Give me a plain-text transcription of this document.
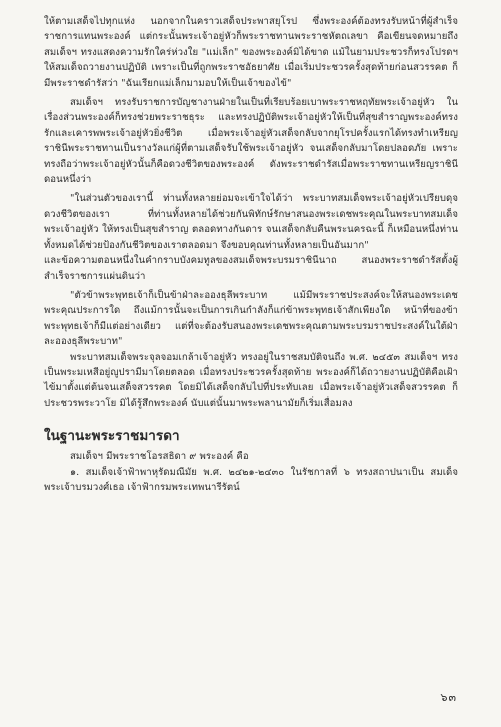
ให้ตามเสด็จไปทุกแห่ง นอกจากในคราวเสด็จประพาสยุโรป ซึ่งพระองค์ต้องทรงรับหน้าที่ผู้สำเร็จราชการแทนพระองค์ แต่กระนั้นพระเจ้าอยู่หัวก็พระราชทานพระราชหัตถเลขา คือเขียนจดหมายถึงสมเด็จฯ ทรงแสดงความรักใคร่ห่วงใย "แม่เล็ก" ของพระองค์มิได้ขาด แม้ในยามประชวรก็ทรงโปรดฯ ให้สมเด็จถวายงานปฏิบัติ เพราะเป็นที่ถูกพระราชอัธยาศัย เมื่อเริ่มประชวรครั้งสุดท้ายก่อนสวรรคต ก็มีพระราชดำรัสว่า "ฉันเรียกแม่เล็กมามอบให้เป็นเจ้าของไข้"

สมเด็จฯ ทรงรับราชการบัญชางานฝ่ายในเป็นที่เรียบร้อยเบาพระราชหฤทัยพระเจ้าอยู่หัว ในเรื่องส่วนพระองค์ก็ทรงช่วยพระราชธุระ และทรงปฏิบัติพระเจ้าอยู่หัวให้เป็นที่สุขสำราญพระองค์ทรงรักและเคารพพระเจ้าอยู่หัวยิ่งชีวิต เมื่อพระเจ้าอยู่หัวเสด็จกลับจากยุโรปครั้งแรกได้ทรงทำเหรียญราชินีพระราชทานเป็นรางวัลแก่ผู้ที่ตามเสด็จรับใช้พระเจ้าอยู่หัว จนเสด็จกลับมาโดยปลอดภัย เพราะทรงถือว่าพระเจ้าอยู่หัวนั้นก็คือดวงชีวิตของพระองค์ ดังพระราชดำรัสเมื่อพระราชทานเหรียญราชินีดอนหนึ่งว่า

"ในส่วนตัวของเรานี้ ท่านทั้งหลายย่อมจะเข้าใจได้ว่า พระบาทสมเด็จพระเจ้าอยู่หัวเปรียบดุจดวงชีวิตของเรา ที่ท่านทั้งหลายได้ช่วยกันพิทักษ์รักษาสนองพระเดชพระคุณในพระบาทสมเด็จพระเจ้าอยู่หัว ให้ทรงเป็นสุขสำราญ ตลอดทางกันดาร จนเสด็จกลับคืนพระนครฉะนี้ ก็เหมือนหนึ่งท่านทั้งหมดได้ช่วยป้องกันชีวิตของเราตลอดมา จึงขอบคุณท่านทั้งหลายเป็นอันมาก"

และข้อความตอนหนึ่งในคำกราบบังคมทูลของสมเด็จพระบรมราชินีนาถ สนองพระราชดำรัสตั้งผู้สำเร็จราชการแผ่นดินว่า

"ตัวข้าพระพุทธเจ้าก็เป็นข้าฝ่าละอองธุลีพระบาท แม้มีพระราชประสงค์จะให้สนองพระเดชพระคุณประการใด ถึงแม้การนั้นจะเป็นการเกินกำลังก็แก่ข้าพระพุทธเจ้าสักเพียงใด หน้าที่ของข้าพระพุทธเจ้าก็มีแต่อย่างเดียว แต่ที่จะต้องรับสนองพระเดชพระคุณตามพระบรมราชประสงค์ในใต้ฝ่าละอองธุลีพระบาท"

พระบาทสมเด็จพระจุลจอมเกล้าเจ้าอยู่หัว ทรงอยู่ในราชสมบัติจนถึง พ.ศ. ๒๔๕๓ สมเด็จฯ ทรงเป็นพระมเหสีอยู่ญูปรามีมาโดยตลอด เมื่อทรงประชวรครั้งสุดท้าย พระองค์ก็ได้ถวายงานปฏิบัติคือเฝ้าไข้มาตั้งแต่ต้นจนเสด็จสวรรคต โดยมิได้เสด็จกลับไปที่ประทับเลย เมื่อพระเจ้าอยู่หัวเสด็จสวรรคต ก็ประชวรพระวาโย มิได้รู้สึกพระองค์ นับแต่นั้นมาพระพลานามัยก็เริ่มเสื่อมลง

ในฐานะพระราชมารดา

สมเด็จฯ มีพระราชโอรสธิดา ๙ พระองค์ คือ

๑. สมเด็จเจ้าฟ้าพาหุรัดมณีมัย พ.ศ. ๒๔๒๑-๒๔๓๐ ในรัชกาลที่ ๖ ทรงสถาปนาเป็น สมเด็จพระเจ้าบรมวงศ์เธอ เจ้าฟ้ากรมพระเทพนารีรัตน์

๖๓
